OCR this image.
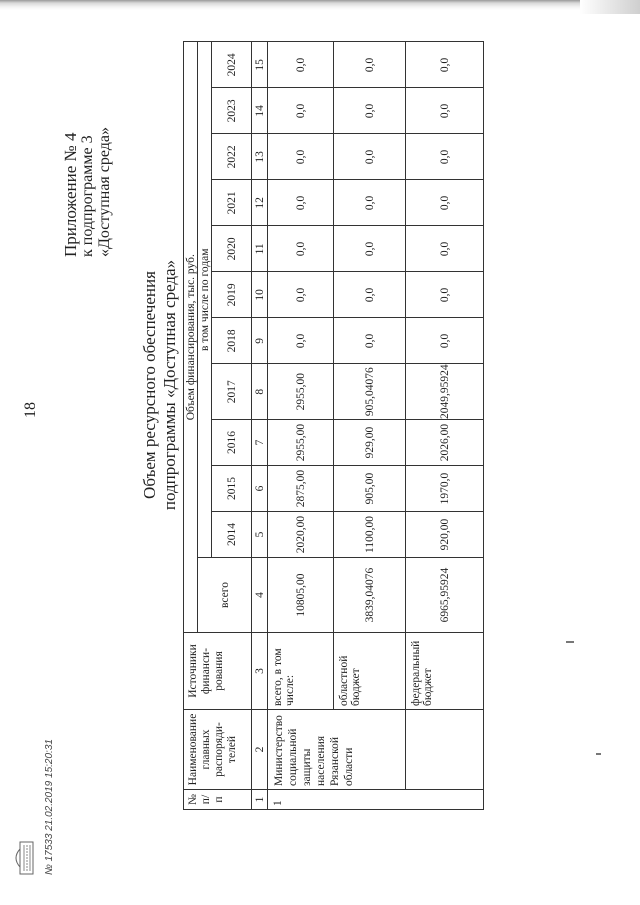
18
Приложение № 4 к подпрограмме 3 «Доступная среда»
Объем ресурсного обеспечения подпрограммы «Доступная среда»
№ п/п	Наименование главных распоряди-телей	Источники финанси-рования	Объем финансирования, тыс. руб.											
			всего	в том числе по годам										
				2014	2015	2016	2017	2018	2019	2020	2021	2022	2023	2024
1	2	3	4	5	6	7	8	9	10	11	12	13	14	15
1	Министерство социальной защиты населения Рязанской области	всего, в том числе:	10805,00	2020,00	2875,00	2955,00	2955,00	0,0	0,0	0,0	0,0	0,0	0,0	0,0
		областной бюджет	3839,04076	1100,00	905,00	929,00	905,04076	0,0	0,0	0,0	0,0	0,0	0,0	0,0
		федеральный бюджет	6965,95924	920,00	1970,0	2026,00	2049,95924	0,0	0,0	0,0	0,0	0,0	0,0	0,0
№ 17533 21.02.2019 15:20:31
